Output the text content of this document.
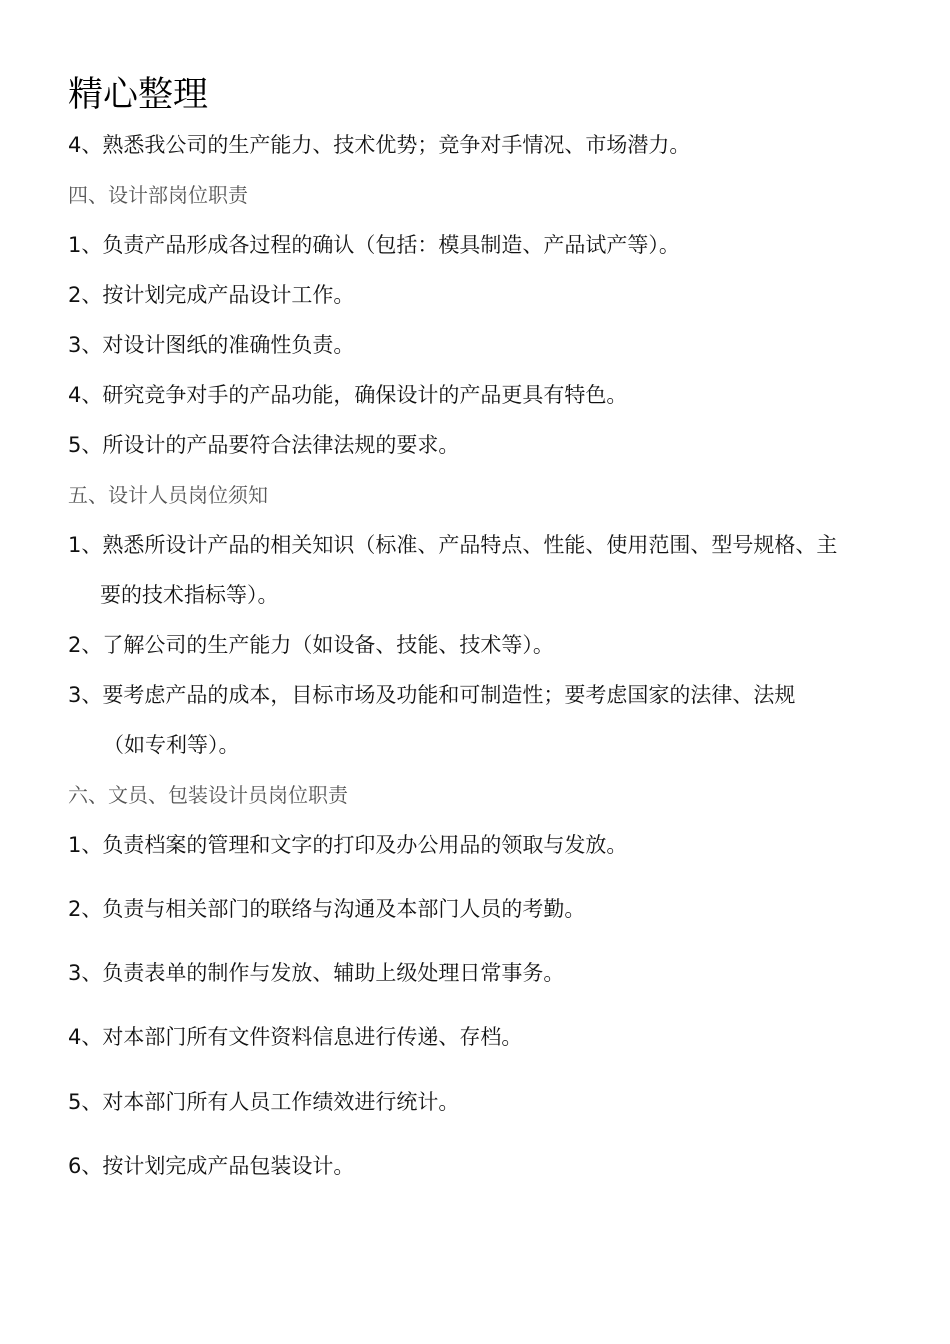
精心整理
4、熟悉我公司的生产能力、技术优势；竞争对手情况、市场潜力。
四、设计部岗位职责
1、负责产品形成各过程的确认（包括：模具制造、产品试产等）。
2、按计划完成产品设计工作。
3、对设计图纸的准确性负责。
4、研究竞争对手的产品功能，确保设计的产品更具有特色。
5、所设计的产品要符合法律法规的要求。
五、设计人员岗位须知
1、熟悉所设计产品的相关知识（标准、产品特点、性能、使用范围、型号规格、主
要的技术指标等）。
2、了解公司的生产能力（如设备、技能、技术等）。
3、要考虑产品的成本，目标市场及功能和可制造性；要考虑国家的法律、法规
（如专利等）。
六、文员、包装设计员岗位职责
1、负责档案的管理和文字的打印及办公用品的领取与发放。
2、负责与相关部门的联络与沟通及本部门人员的考勤。
3、负责表单的制作与发放、辅助上级处理日常事务。
4、对本部门所有文件资料信息进行传递、存档。
5、对本部门所有人员工作绩效进行统计。
6、按计划完成产品包装设计。
